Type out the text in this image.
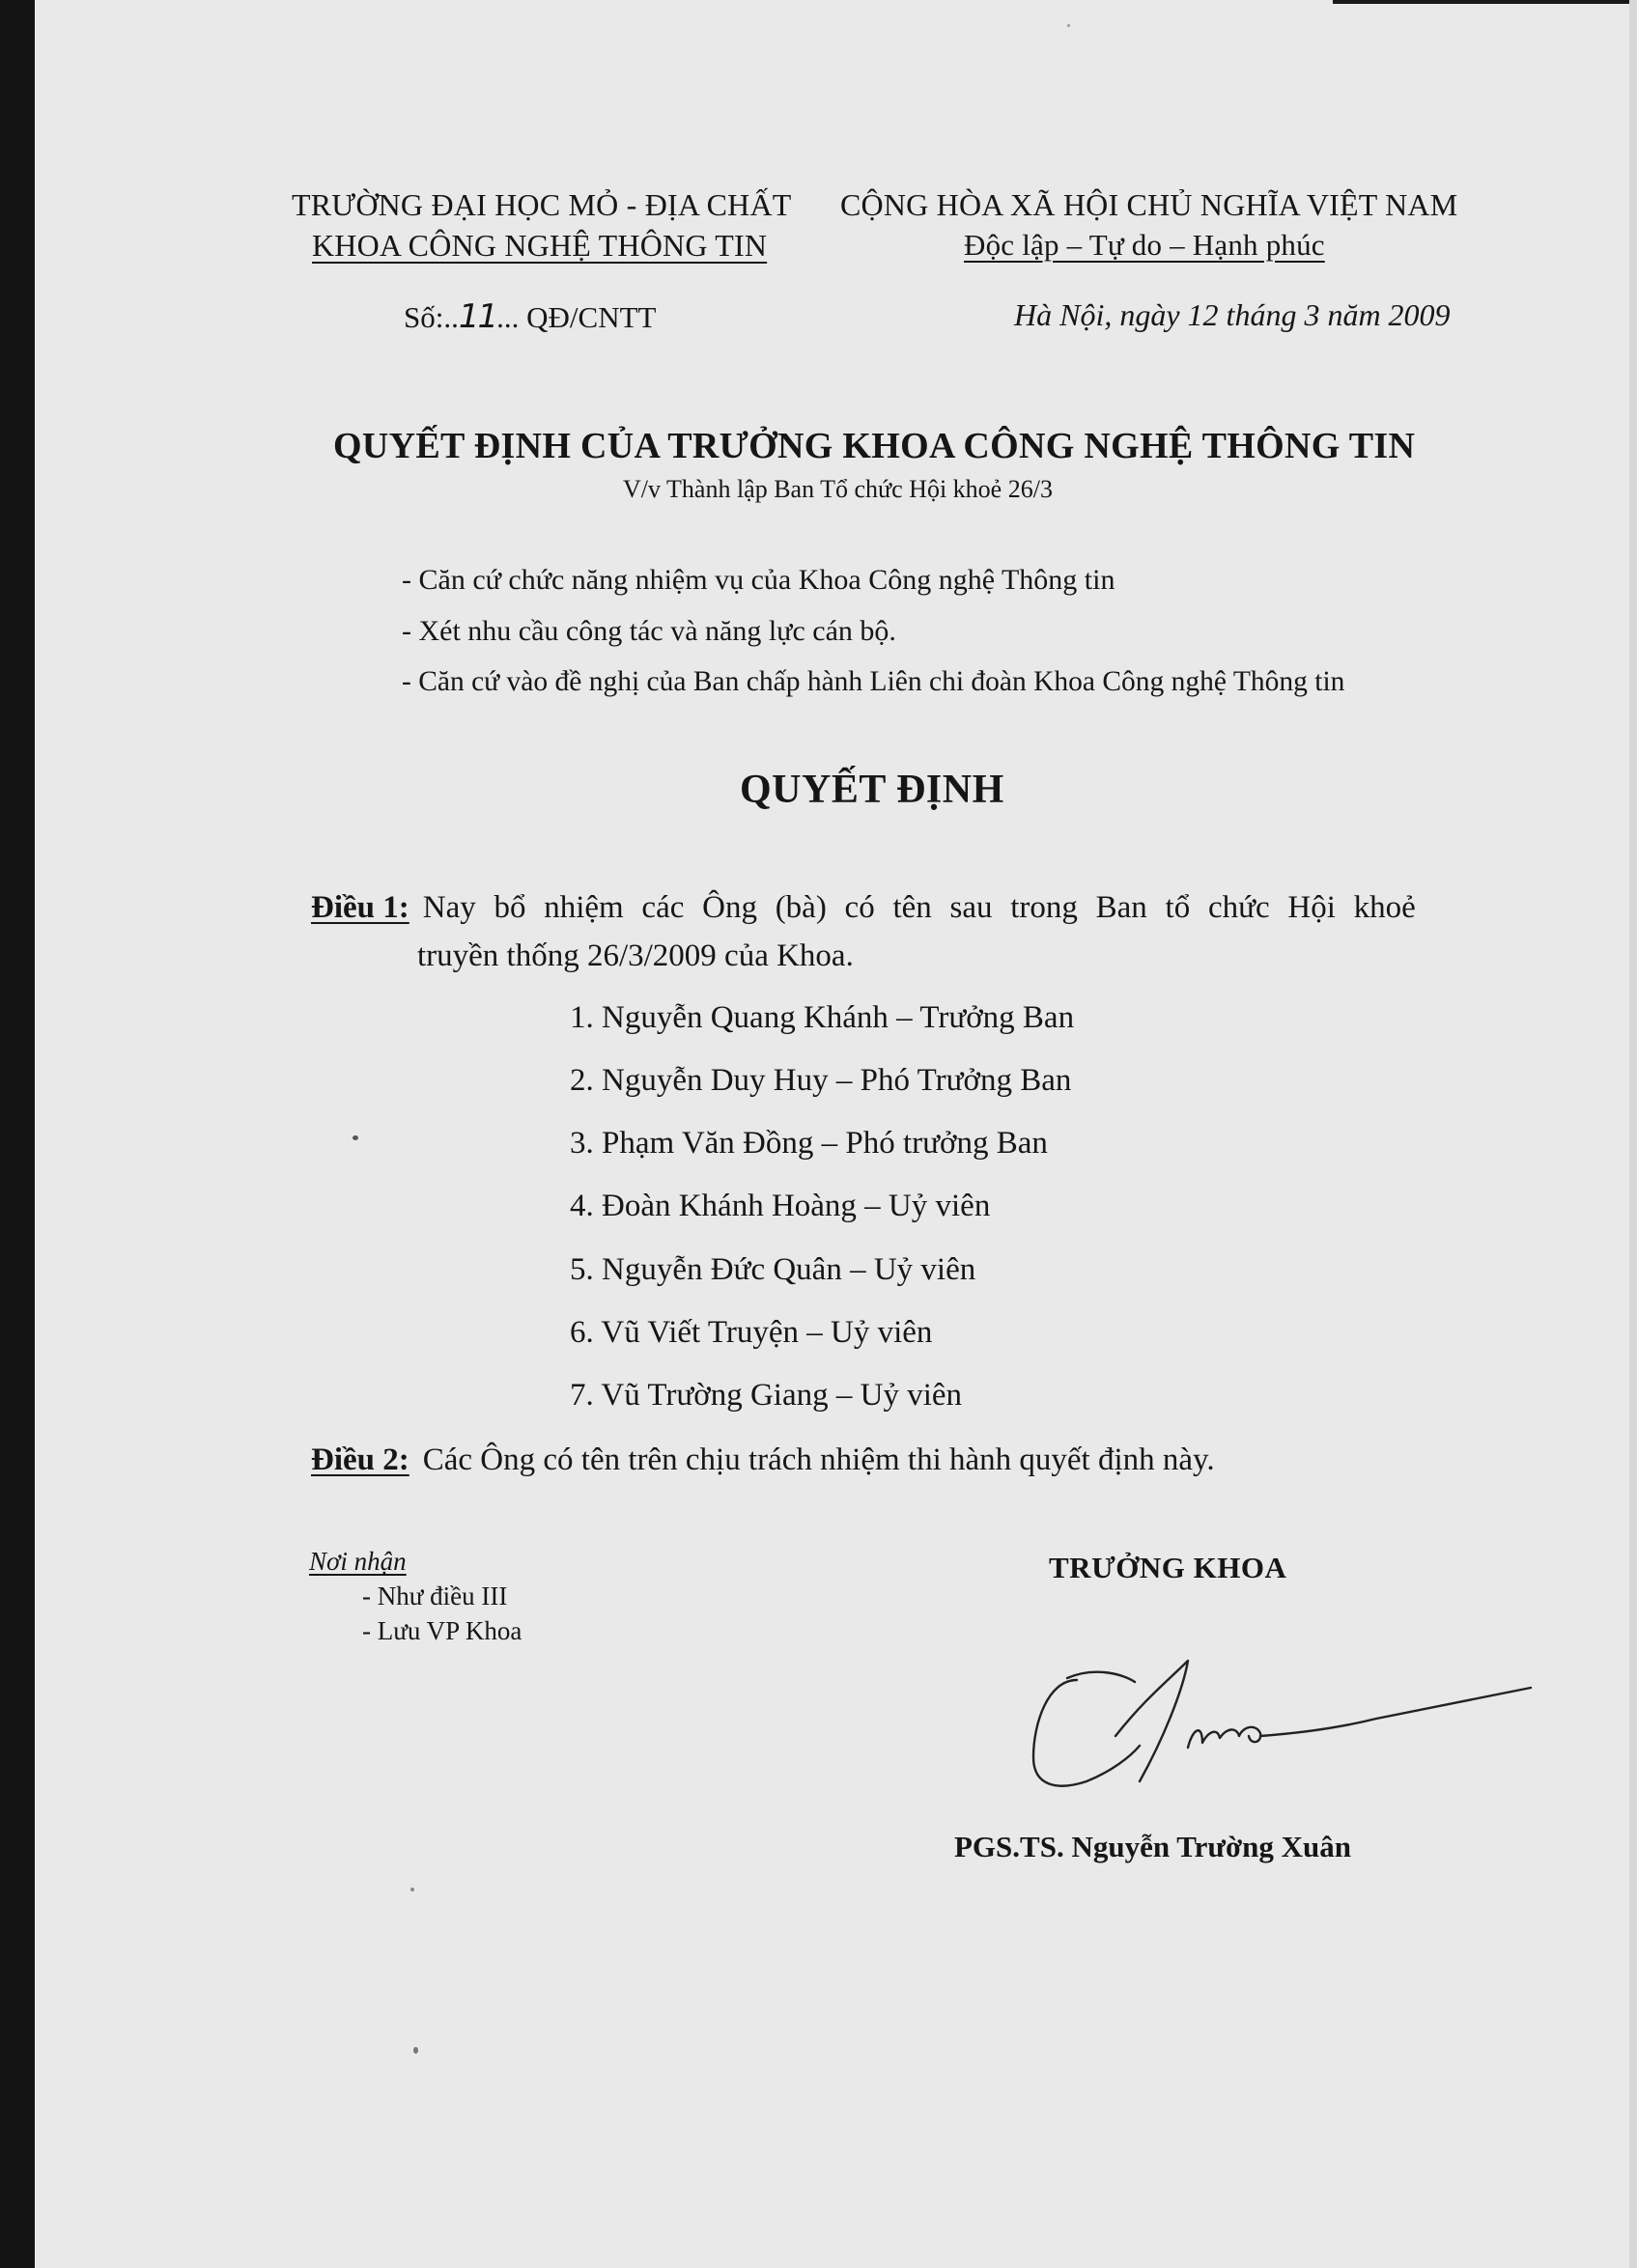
TRƯỜNG ĐẠI HỌC MỎ - ĐỊA CHẤT
KHOA CÔNG NGHỆ THÔNG TIN
CỘNG HÒA XÃ HỘI CHỦ NGHĨA VIỆT NAM
Độc lập – Tự do – Hạnh phúc
Số:..11... QĐ/CNTT	Hà Nội, ngày 12 tháng 3 năm 2009
QUYẾT ĐỊNH CỦA TRƯỞNG KHOA CÔNG NGHỆ THÔNG TIN
V/v Thành lập Ban Tổ chức Hội khoẻ 26/3
- Căn cứ chức năng nhiệm vụ của Khoa Công nghệ Thông tin
- Xét nhu cầu công tác và năng lực cán bộ.
- Căn cứ vào đề nghị của Ban chấp hành Liên chi đoàn Khoa Công nghệ Thông tin
QUYẾT ĐỊNH
Điều 1: Nay bổ nhiệm các Ông (bà) có tên sau trong Ban tổ chức Hội khoẻ
truyền thống 26/3/2009 của Khoa.
1. Nguyễn Quang Khánh – Trưởng Ban
2. Nguyễn Duy Huy – Phó Trưởng Ban
3. Phạm Văn Đồng – Phó trưởng Ban
4. Đoàn Khánh Hoàng – Uỷ viên
5. Nguyễn Đức Quân – Uỷ viên
6. Vũ Viết Truyện – Uỷ viên
7. Vũ Trường Giang – Uỷ viên
Điều 2: Các Ông có tên trên chịu trách nhiệm thi hành quyết định này.
Nơi nhận
- Như điều III
- Lưu VP Khoa
TRƯỞNG KHOA
PGS.TS. Nguyễn Trường Xuân
